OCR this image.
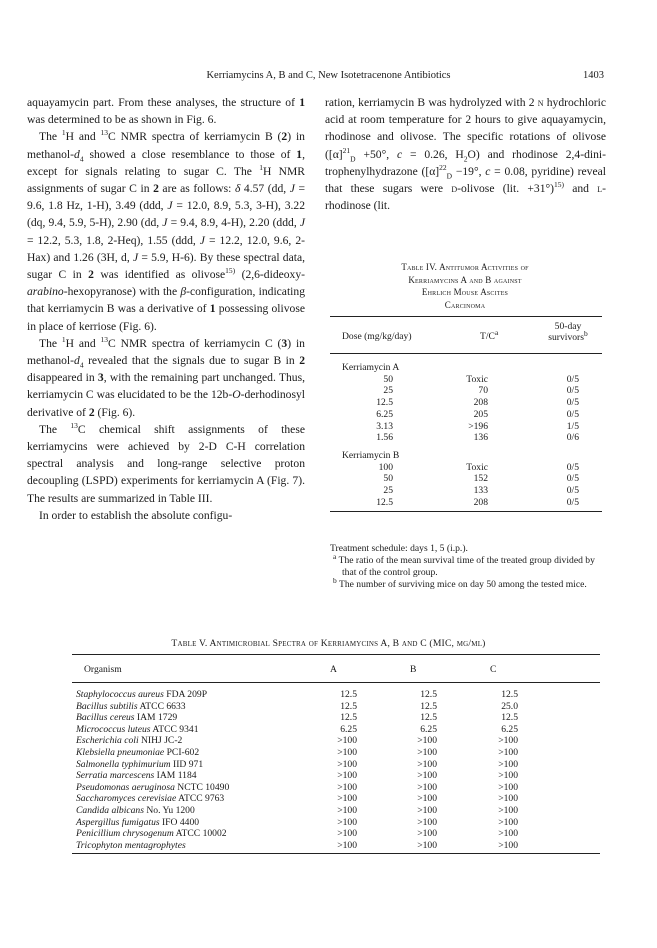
Kerriamycins A, B and C, New Isotetracenone Antibiotics	1403

aquayamycin part. From these analyses, the structure of 1 was determined to be as shown in Fig. 6.

The $^1$H and $^{13}$C NMR spectra of kerriamycin B (2) in methanol-$d_4$ showed a close resemblance to those of 1, except for signals relating to sugar C. The $^1$H NMR assignments of sugar C in 2 are as follows: δ 4.57 (dd, J = 9.6, 1.8 Hz, 1-H), 3.49 (ddd, J = 12.0, 8.9, 5.3, 3-H), 3.22 (dq, 9.4, 5.9, 5-H), 2.90 (dd, J = 9.4, 8.9, 4-H), 2.20 (ddd, J = 12.2, 5.3, 1.8, 2-Heq), 1.55 (ddd, J = 12.2, 12.0, 9.6, 2-Hax) and 1.26 (3H, d, J = 5.9, H-6). By these spectral data, sugar C in 2 was identified as olivose$^{15)}$ (2,6-dideoxy-arabino-hexopyranose) with the β-configuration, indicating that kerriamycin B was a derivative of 1 possessing olivose in place of kerriose (Fig. 6).

The $^1$H and $^{13}$C NMR spectra of kerriamycin C (3) in methanol-$d_4$ revealed that the signals due to sugar B in 2 disappeared in 3, with the remaining part unchanged. Thus, kerriamycin C was elucidated to be the 12b-O-derhodinosyl derivative of 2 (Fig. 6).

The $^{13}$C chemical shift assignments of these kerriamycins were achieved by 2-D C-H correlation spectral analysis and long-range selective proton decoupling (LSPD) experiments for kerriamycin A (Fig. 7). The results are summarized in Table III.

In order to establish the absolute configu-

ration, kerriamycin B was hydrolyzed with 2 n hydrochloric acid at room temperature for 2 hours to give aquayamycin, rhodinose and olivose. The specific rotations of olivose ($[\alpha]^{21}_D +50^\circ$, c = 0.26, $H_2O$) and rhodinose 2,4-dinitrophenylhydrazone ($[\alpha]^{22}_D -19^\circ$, c = 0.08, pyridine) reveal that these sugars were d-olivose (lit. +31°)$^{15)}$ and l-rhodinose (lit.

Table IV. Antitumor Activities of
Kerriamycins A and B against
Ehrlich Mouse Ascites
Carcinoma
Dose (mg/kg/day)	$T/C^a$
50-day
survivors$^b$
Kerriamycin A
50	Toxic	0/5
25	70	0/5
12.5	208	0/5
6.25	205	0/5
3.13	>196	1/5
1.56	136	0/6
Kerriamycin B
100	Toxic	0/5
50	152	0/5
25	133	0/5
12.5	208	0/5

Treatment schedule: days 1, 5 (i.p.).

$^a$ The ratio of the mean survival time of the treated group divided by that of the control group.

$^b$ The number of surviving mice on day 50 among the tested mice.

Table V. Antimicrobial Spectra of Kerriamycins A, B and C (MIC, μg/ml)
Organism	A	B	C
Staphylococcus aureus FDA 209P	12.5	12.5	12.5
Bacillus subtilis ATCC 6633	12.5	12.5	25.0
Bacillus cereus IAM 1729	12.5	12.5	12.5
Micrococcus luteus ATCC 9341	6.25	6.25	6.25
Escherichia coli NIHJ JC-2	>100	>100	>100
Klebsiella pneumoniae PCI-602	>100	>100	>100
Salmonella typhimurium IID 971	>100	>100	>100
Serratia marcescens IAM 1184	>100	>100	>100
Pseudomonas aeruginosa NCTC 10490	>100	>100	>100
Saccharomyces cerevisiae ATCC 9763	>100	>100	>100
Candida albicans No. Yu 1200	>100	>100	>100
Aspergillus fumigatus IFO 4400	>100	>100	>100
Penicillium chrysogenum ATCC 10002	>100	>100	>100
Tricophyton mentagrophytes	>100	>100	>100
